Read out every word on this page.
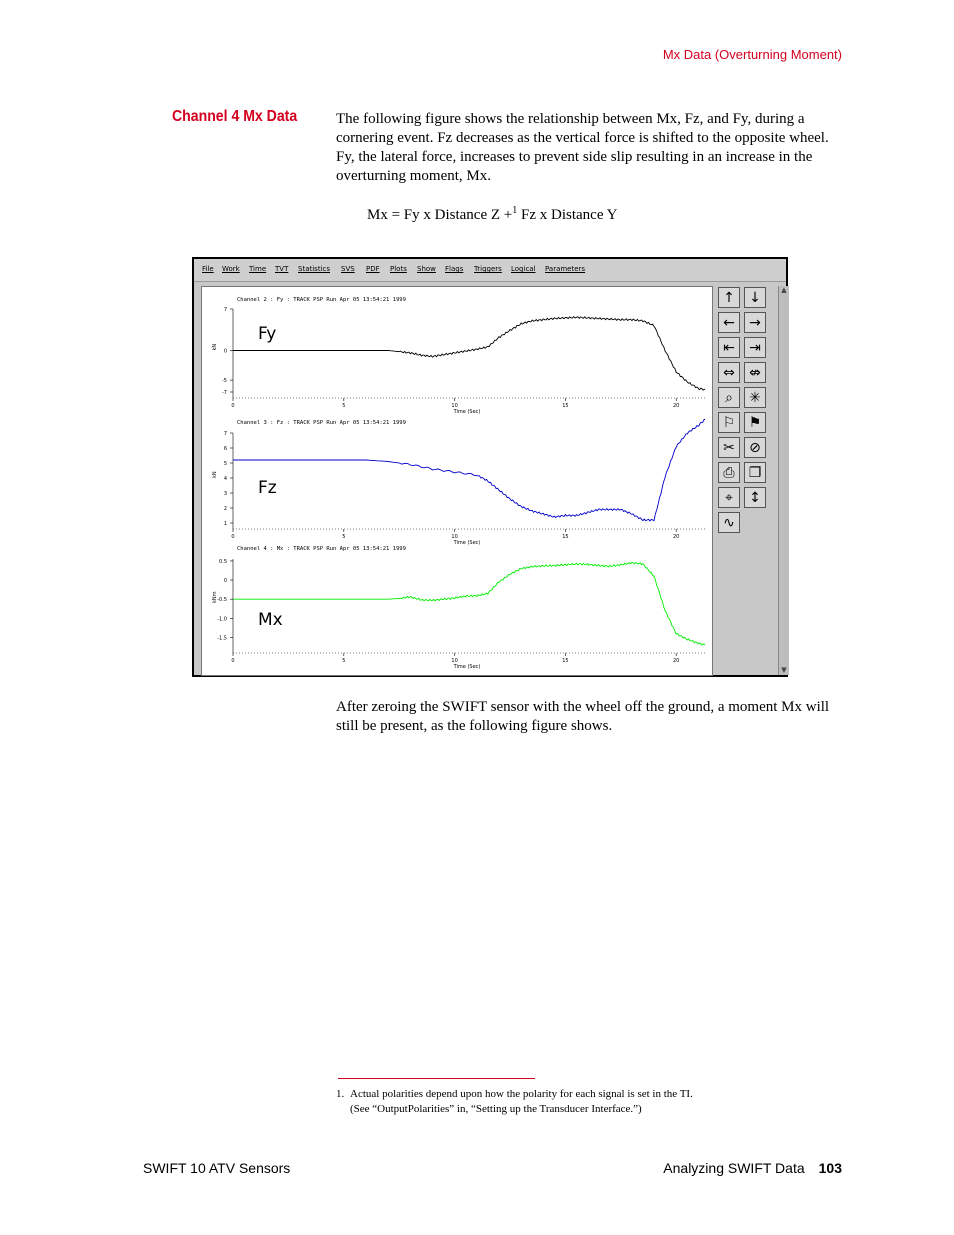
Mx Data (Overturning Moment)
Channel 4 Mx Data	The following figure shows the relationship between Mx, Fz, and Fy, during a cornering event. Fz decreases as the vertical force is shifted to the opposite wheel. Fy, the lateral force, increases to prevent side slip resulting in an increase in the overturning moment, Mx.
Mx = Fy x Distance Z +$^1$ Fz x Distance Y
File Work Time TVT Statistics SVS PDF Plots Show Flags Triggers Logical Parameters
Channel 2 : Fy : TRACK PSP Run Apr 05 13:54:21 1999
kN
7
0
-5
-7
0	5	10	15	20
Time (Sec)
Fy
Channel 3 : Fz : TRACK PSP Run Apr 05 13:54:21 1999
kN
7
6
5
4
3
2
1
0	5	10	15	20
Time (Sec)
Fz
Channel 4 : Mx : TRACK PSP Run Apr 05 13:54:21 1999
kNm
0.5
0
-0.5
-1.0
-1.5
0	5	10	15	20
Time (Sec)
Mx
↑	↓
←	→
⇤	⇥
⇔	⇎
⌕	✳
⚐ ⚑
✂	⊘
⎙	❐
⌖	↕
∿
▲
▼
After zeroing the SWIFT sensor with the wheel off the ground, a moment Mx will still be present, as the following figure shows.
1. Actual polarities depend upon how the polarity for each signal is set in the TI.
(See “OutputPolarities” in, “Setting up the Transducer Interface.”)
SWIFT 10 ATV Sensors	Analyzing SWIFT Data 103
